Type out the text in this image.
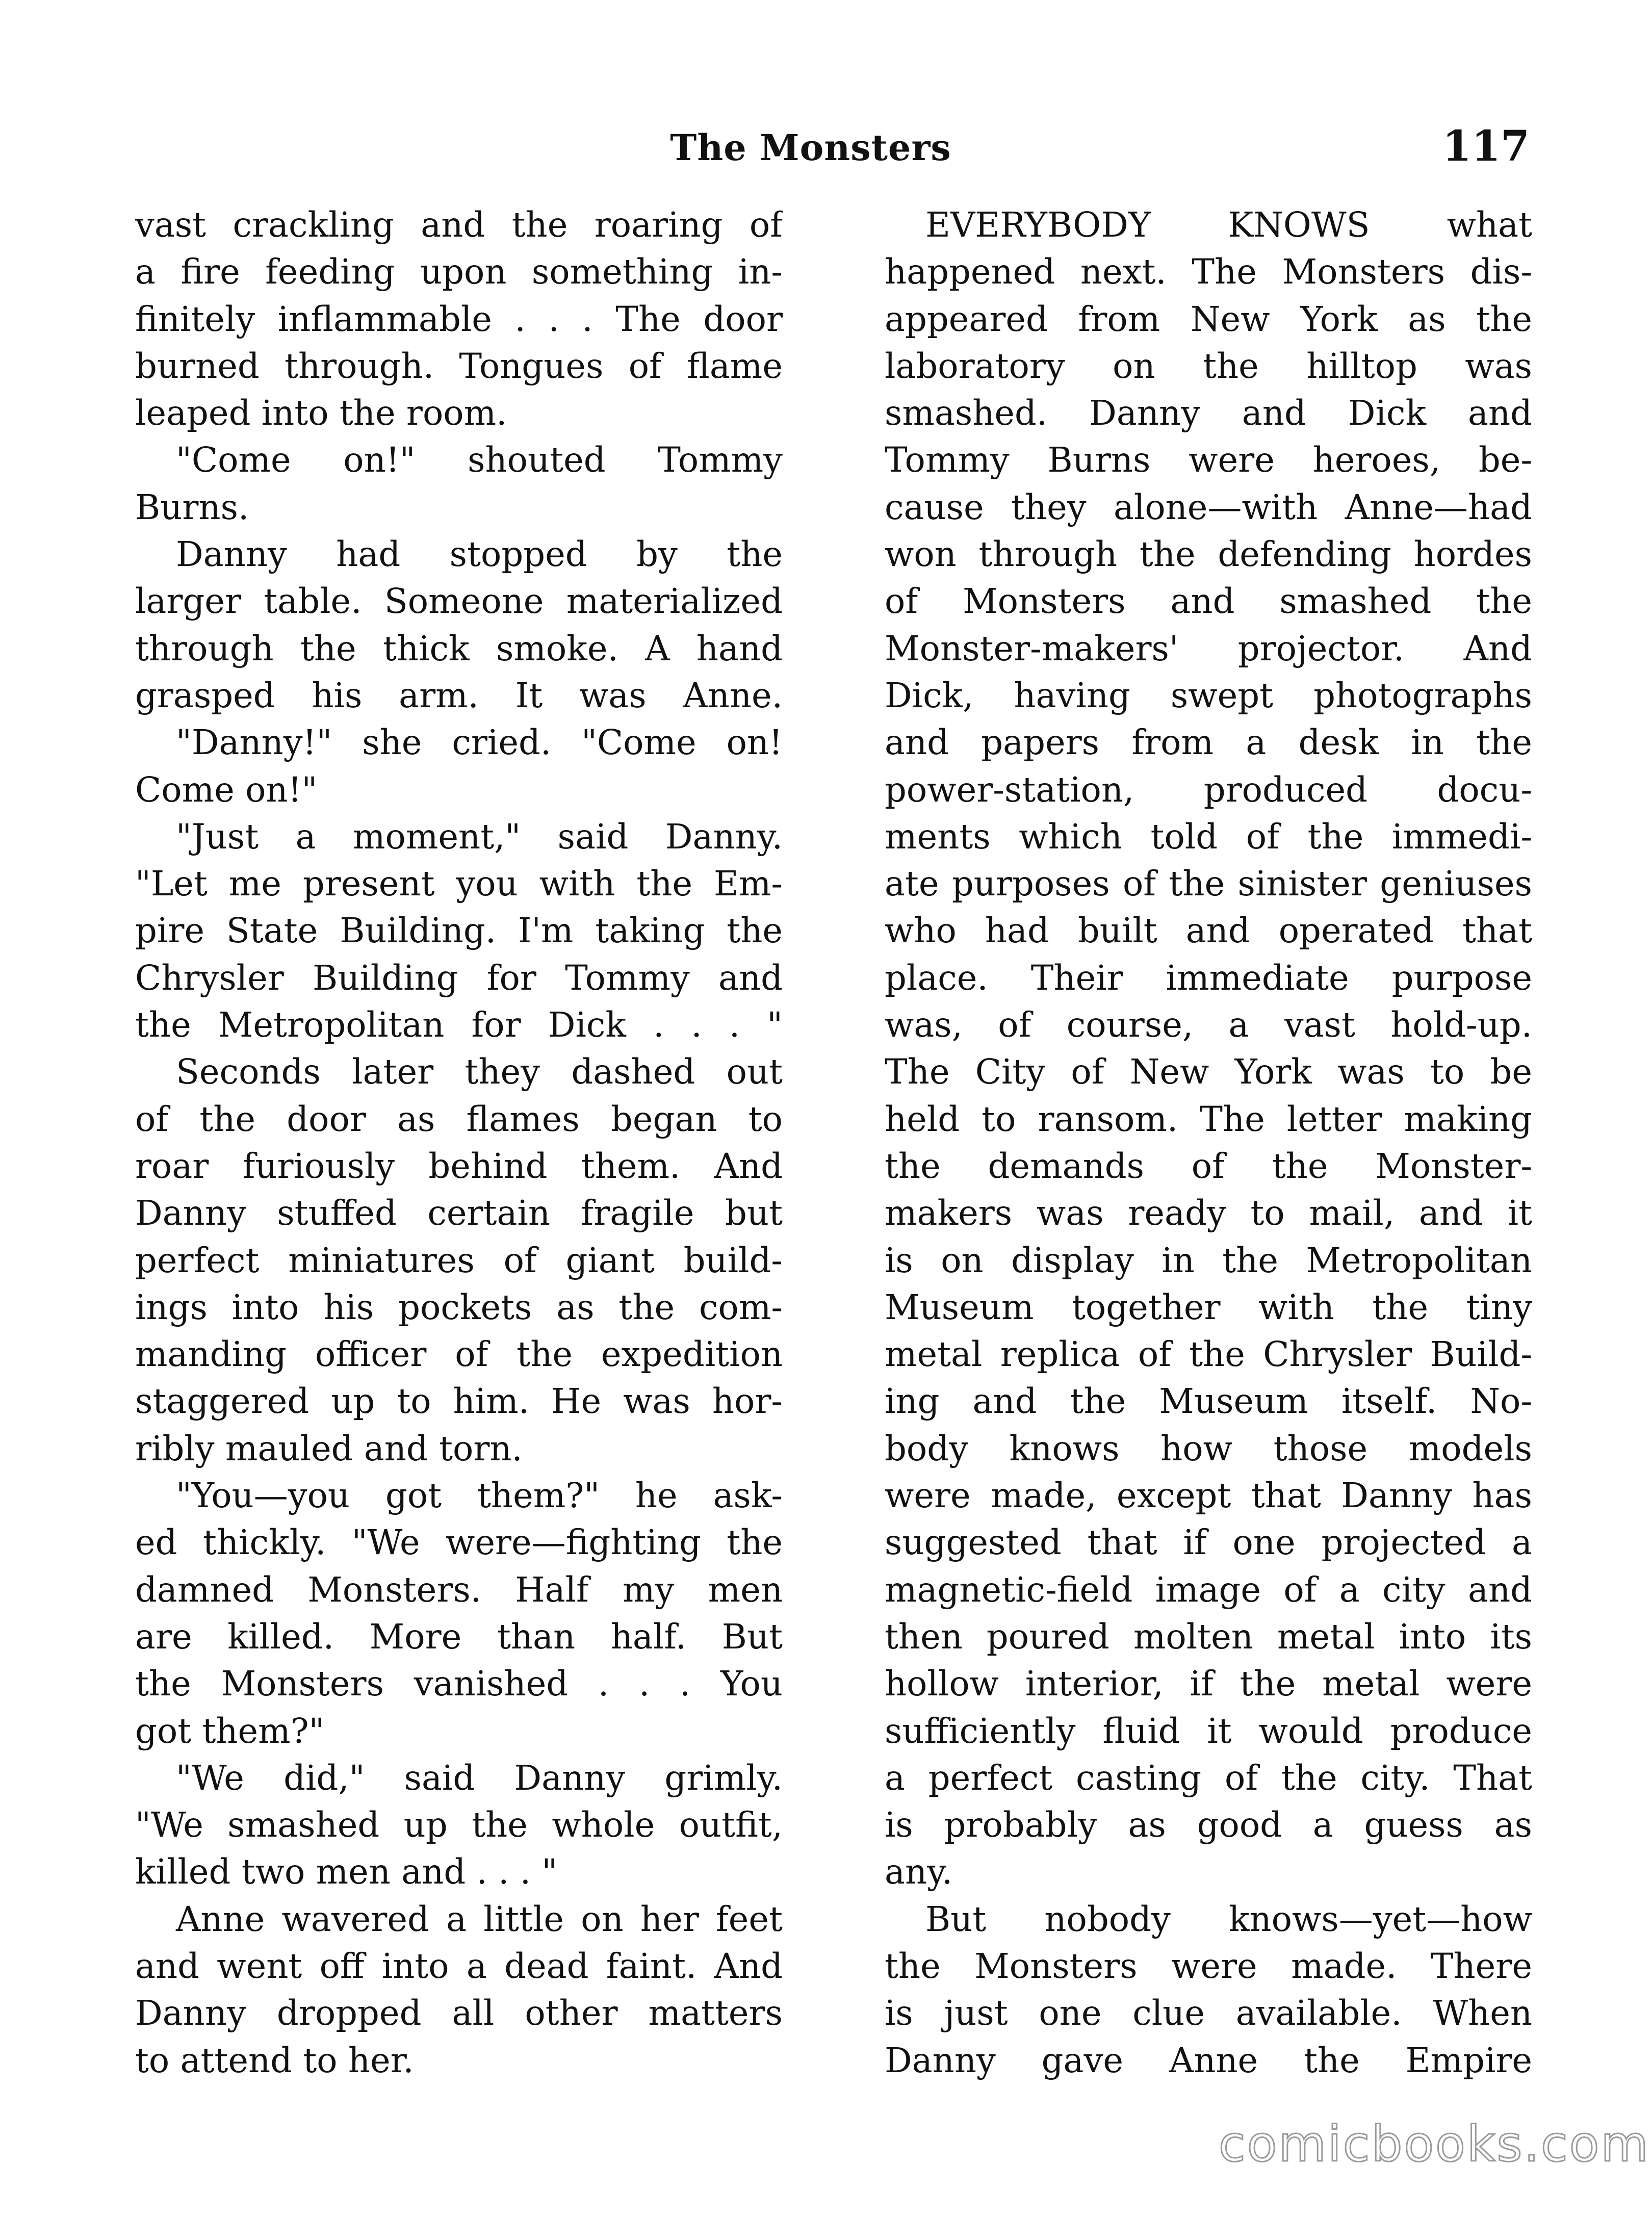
The Monsters	117
vast crackling and the roaring of
a fire feeding upon something in-
finitely inflammable . . . The door
burned through. Tongues of flame
leaped into the room.
"Come on!" shouted Tommy
Burns.
Danny had stopped by the
larger table. Someone materialized
through the thick smoke. A hand
grasped his arm. It was Anne.
"Danny!" she cried. "Come on!
Come on!"
"Just a moment," said Danny.
"Let me present you with the Em-
pire State Building. I'm taking the
Chrysler Building for Tommy and
the Metropolitan for Dick . . . "
Seconds later they dashed out
of the door as flames began to
roar furiously behind them. And
Danny stuffed certain fragile but
perfect miniatures of giant build-
ings into his pockets as the com-
manding officer of the expedition
staggered up to him. He was hor-
ribly mauled and torn.
"You—you got them?" he ask-
ed thickly. "We were—fighting the
damned Monsters. Half my men
are killed. More than half. But
the Monsters vanished . . . You
got them?"
"We did," said Danny grimly.
"We smashed up the whole outfit,
killed two men and . . . "
Anne wavered a little on her feet
and went off into a dead faint. And
Danny dropped all other matters
to attend to her.
EVERYBODY KNOWS what
happened next. The Monsters dis-
appeared from New York as the
laboratory on the hilltop was
smashed. Danny and Dick and
Tommy Burns were heroes, be-
cause they alone—with Anne—had
won through the defending hordes
of Monsters and smashed the
Monster-makers' projector. And
Dick, having swept photographs
and papers from a desk in the
power-station, produced docu-
ments which told of the immedi-
ate purposes of the sinister geniuses
who had built and operated that
place. Their immediate purpose
was, of course, a vast hold-up.
The City of New York was to be
held to ransom. The letter making
the demands of the Monster-
makers was ready to mail, and it
is on display in the Metropolitan
Museum together with the tiny
metal replica of the Chrysler Build-
ing and the Museum itself. No-
body knows how those models
were made, except that Danny has
suggested that if one projected a
magnetic-field image of a city and
then poured molten metal into its
hollow interior, if the metal were
sufficiently fluid it would produce
a perfect casting of the city. That
is probably as good a guess as
any.
But nobody knows—yet—how
the Monsters were made. There
is just one clue available. When
Danny gave Anne the Empire
comicbooks.com
